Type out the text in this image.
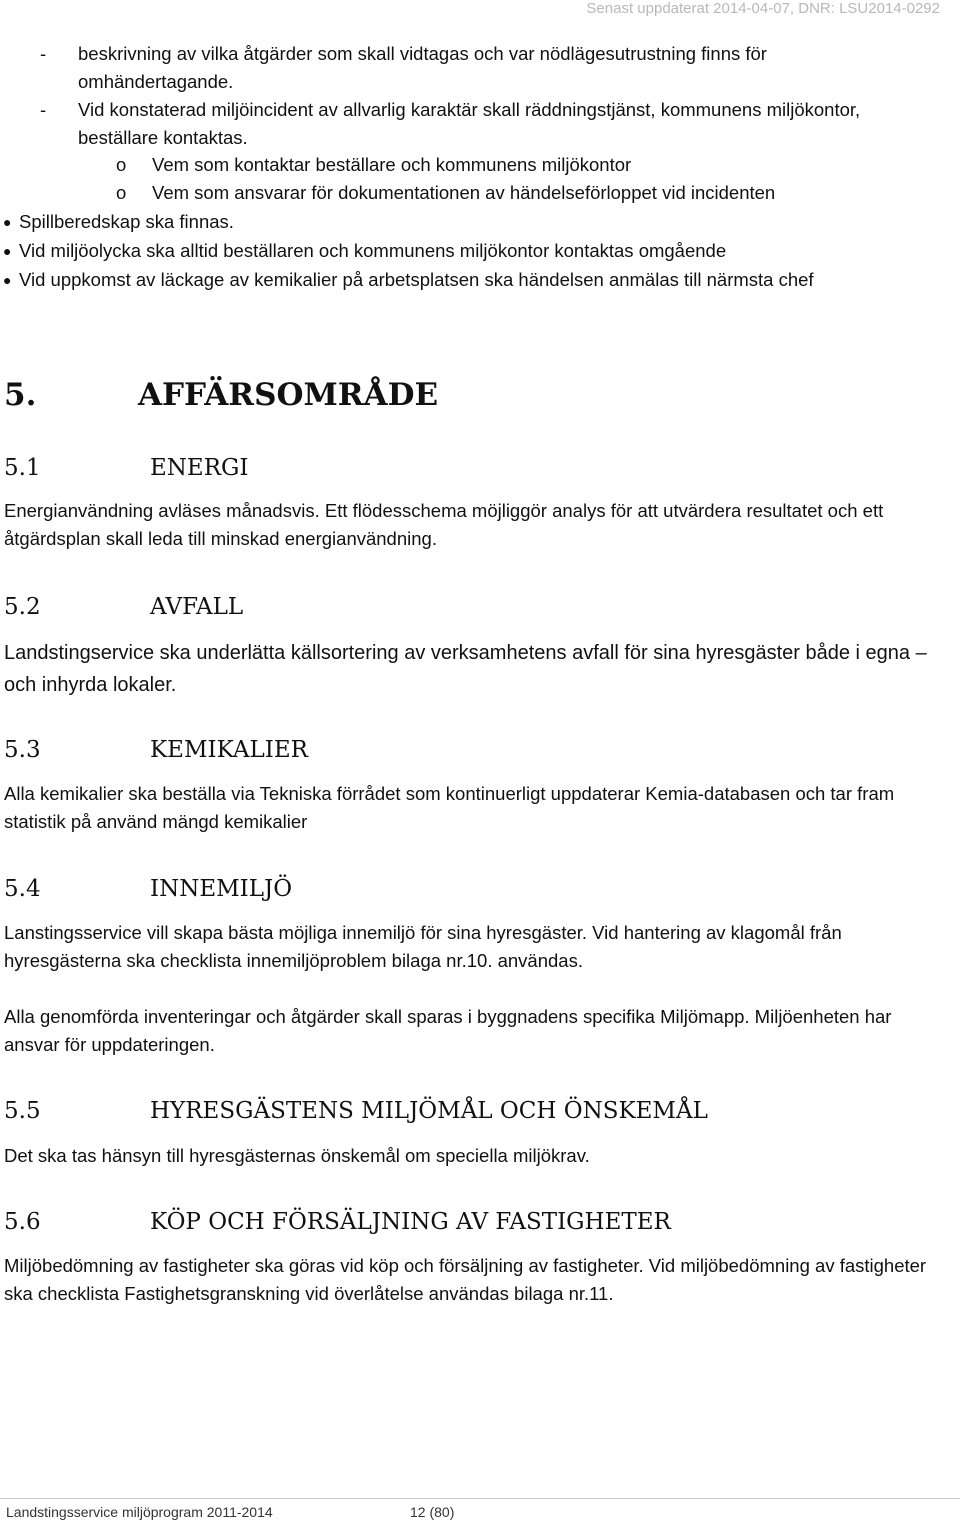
Senast uppdaterat 2014-04-07, DNR: LSU2014-0292
- beskrivning av vilka åtgärder som skall vidtagas och var nödlägesutrustning finns för omhändertagande.
- Vid konstaterad miljöincident av allvarlig karaktär skall räddningstjänst, kommunens miljökontor, beställare kontaktas.
o Vem som kontaktar beställare och kommunens miljökontor
o Vem som ansvarar för dokumentationen av händelseförloppet vid incidenten
● Spillberedskap ska finnas.
● Vid miljöolycka ska alltid beställaren och kommunens miljökontor kontaktas omgående
● Vid uppkomst av läckage av kemikalier på arbetsplatsen ska händelsen anmälas till närmsta chef
5.	AFFÄRSOMRÅDE
5.1	ENERGI
Energianvändning avläses månadsvis. Ett flödesschema möjliggör analys för att utvärdera resultatet och ett åtgärdsplan skall leda till minskad energianvändning.
5.2	AVFALL
Landstingservice ska underlätta källsortering av verksamhetens avfall för sina hyresgäster både i egna – och inhyrda lokaler.
5.3	KEMIKALIER
Alla kemikalier ska beställa via Tekniska förrådet som kontinuerligt uppdaterar Kemia-databasen och tar fram statistik på använd mängd kemikalier
5.4	INNEMILJÖ
Lanstingsservice vill skapa bästa möjliga innemiljö för sina hyresgäster. Vid hantering av klagomål från hyresgästerna ska checklista innemiljöproblem bilaga nr.10. användas.
Alla genomförda inventeringar och åtgärder skall sparas i byggnadens specifika Miljömapp. Miljöenheten har ansvar för uppdateringen.
5.5	HYRESGÄSTENS MILJÖMÅL OCH ÖNSKEMÅL
Det ska tas hänsyn till hyresgästernas önskemål om speciella miljökrav.
5.6	KÖP OCH FÖRSÄLJNING AV FASTIGHETER
Miljöbedömning av fastigheter ska göras vid köp och försäljning av fastigheter. Vid miljöbedömning av fastigheter ska checklista Fastighetsgranskning vid överlåtelse användas bilaga nr.11.
Landstingsservice miljöprogram 2011-2014	12 (80)
